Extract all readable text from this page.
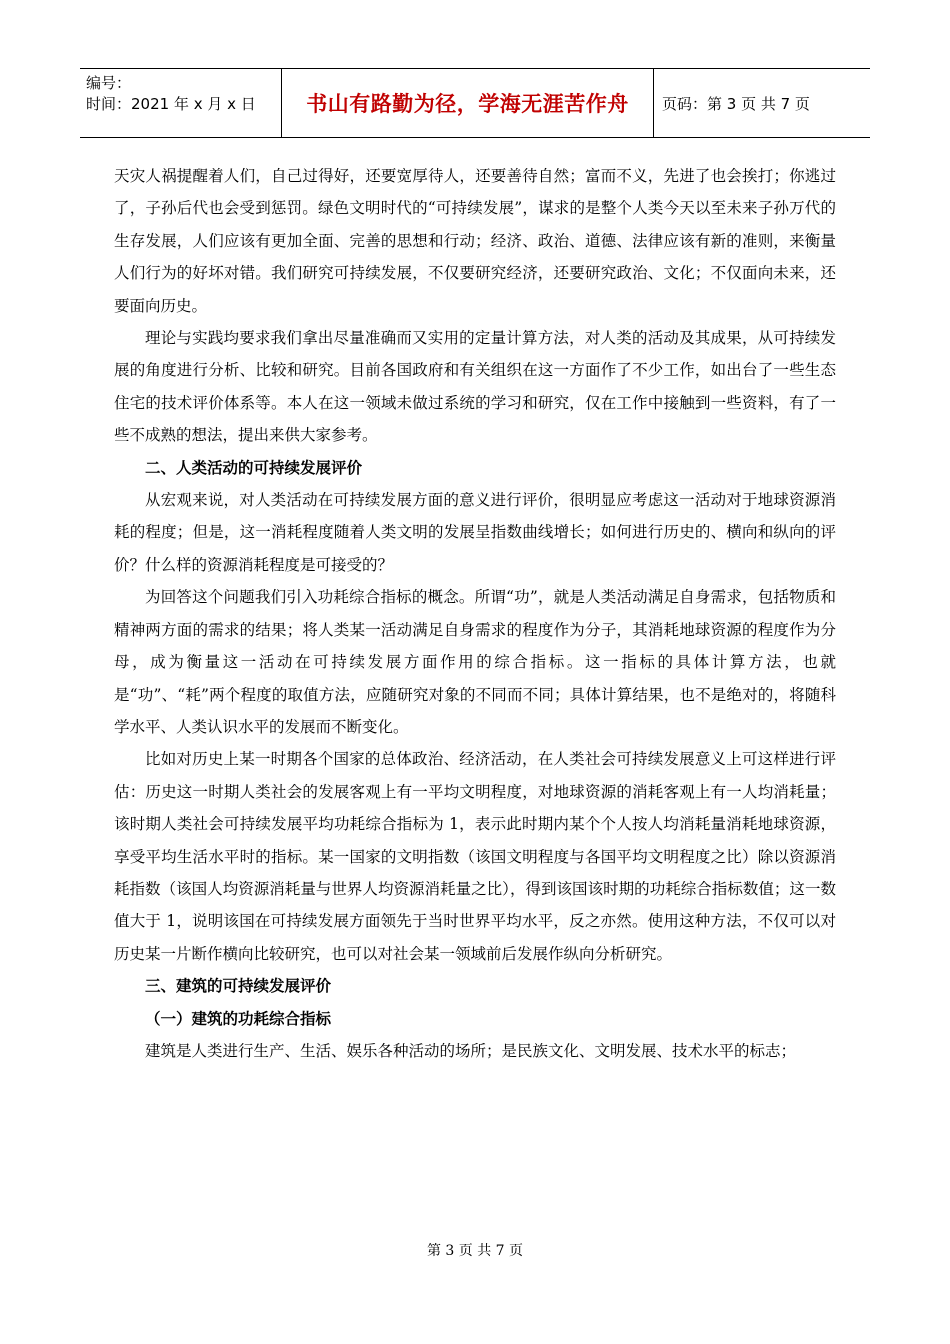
编号：
时间：2021 年 x 月 x 日	书山有路勤为径，学海无涯苦作舟 页码：第 3 页 共 7 页

天灾人祸提醒着人们，自己过得好，还要宽厚待人，还要善待自然；富而不义，先进了也会挨打；你逃过了，子孙后代也会受到惩罚。绿色文明时代的“可持续发展”，谋求的是整个人类今天以至未来子孙万代的生存发展，人们应该有更加全面、完善的思想和行动；经济、政治、道德、法律应该有新的准则，来衡量人们行为的好坏对错。我们研究可持续发展，不仅要研究经济，还要研究政治、文化；不仅面向未来，还要面向历史。

理论与实践均要求我们拿出尽量准确而又实用的定量计算方法，对人类的活动及其成果，从可持续发展的角度进行分析、比较和研究。目前各国政府和有关组织在这一方面作了不少工作，如出台了一些生态住宅的技术评价体系等。本人在这一领域未做过系统的学习和研究，仅在工作中接触到一些资料，有了一些不成熟的想法，提出来供大家参考。

二、人类活动的可持续发展评价

从宏观来说，对人类活动在可持续发展方面的意义进行评价，很明显应考虑这一活动对于地球资源消耗的程度；但是，这一消耗程度随着人类文明的发展呈指数曲线增长；如何进行历史的、横向和纵向的评价？什么样的资源消耗程度是可接受的？

为回答这个问题我们引入功耗综合指标的概念。所谓“功”，就是人类活动满足自身需求，包括物质和精神两方面的需求的结果；将人类某一活动满足自身需求的程度作为分子，其消耗地球资源的程度作为分母，成为衡量这一活动在可持续发展方面作用的综合指标。这一指标的具体计算方法，也就是“功”、“耗”两个程度的取值方法，应随研究对象的不同而不同；具体计算结果，也不是绝对的，将随科学水平、人类认识水平的发展而不断变化。

比如对历史上某一时期各个国家的总体政治、经济活动，在人类社会可持续发展意义上可这样进行评估：历史这一时期人类社会的发展客观上有一平均文明程度，对地球资源的消耗客观上有一人均消耗量；该时期人类社会可持续发展平均功耗综合指标为 1，表示此时期内某个个人按人均消耗量消耗地球资源，享受平均生活水平时的指标。某一国家的文明指数（该国文明程度与各国平均文明程度之比）除以资源消耗指数（该国人均资源消耗量与世界人均资源消耗量之比），得到该国该时期的功耗综合指标数值；这一数值大于 1，说明该国在可持续发展方面领先于当时世界平均水平，反之亦然。使用这种方法，不仅可以对历史某一片断作横向比较研究，也可以对社会某一领域前后发展作纵向分析研究。

三、建筑的可持续发展评价
（一）建筑的功耗综合指标

建筑是人类进行生产、生活、娱乐各种活动的场所；是民族文化、文明发展、技术水平的标志；

第 3 页 共 7 页
